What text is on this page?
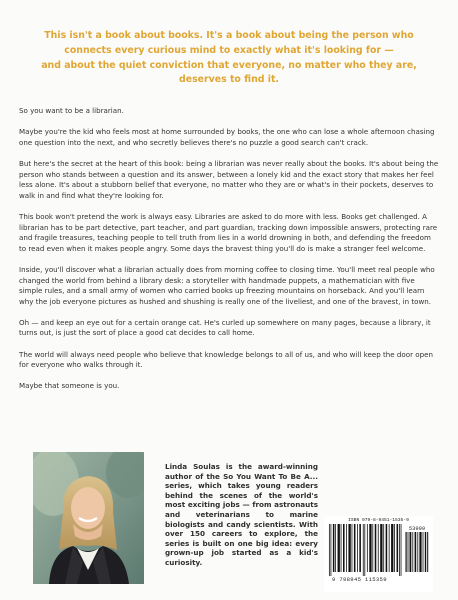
This isn't a book about books. It's a book about being the person who
connects every curious mind to exactly what it's looking for —
and about the quiet conviction that everyone, no matter who they are,
deserves to find it.

So you want to be a librarian.

Maybe you're the kid who feels most at home surrounded by books, the one who can lose a whole afternoon chasing one question into the next, and who secretly believes there's no puzzle a good search can't crack.

But here's the secret at the heart of this book: being a librarian was never really about the books. It's about being the person who stands between a question and its answer, between a lonely kid and the exact story that makes her feel less alone. It's about a stubborn belief that everyone, no matter who they are or what's in their pockets, deserves to walk in and find what they're looking for.

This book won't pretend the work is always easy. Libraries are asked to do more with less. Books get challenged. A librarian has to be part detective, part teacher, and part guardian, tracking down impossible answers, protecting rare and fragile treasures, teaching people to tell truth from lies in a world drowning in both, and defending the freedom to read even when it makes people angry. Some days the bravest thing you'll do is make a stranger feel welcome.

Inside, you'll discover what a librarian actually does from morning coffee to closing time. You'll meet real people who changed the world from behind a library desk: a storyteller with handmade puppets, a mathematician with five simple rules, and a small army of women who carried books up freezing mountains on horseback. And you'll learn why the job everyone pictures as hushed and shushing is really one of the liveliest, and one of the bravest, in town.

Oh — and keep an eye out for a certain orange cat. He's curled up somewhere on many pages, because a library, it turns out, is just the sort of place a good cat decides to call home.

The world will always need people who believe that knowledge belongs to all of us, and who will keep the door open for everyone who walks through it.

Maybe that someone is you.

Linda Soulas is the award-winning author of the So You Want To Be A... series, which takes young readers behind the scenes of the world's most exciting jobs — from astronauts and veterinarians to marine biologists and candy scientists. With over 150 careers to explore, the series is built on one big idea: every grown-up job started as a kid's curiosity.
ISBN 979-8-9451-1535-9
53999
9 798945 115359
